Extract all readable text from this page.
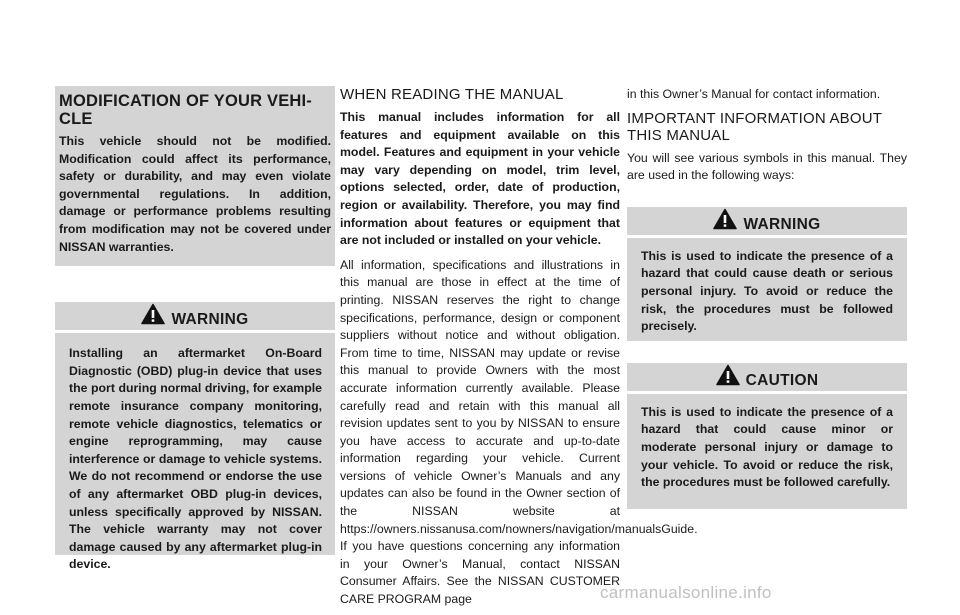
MODIFICATION OF YOUR VEHI- CLE

This vehicle should not be modified. Modification could affect its performance, safety or durability, and may even violate governmental regulations. In addition, damage or performance problems resulting from modification may not be covered under NISSAN warranties.

WARNING

Installing an aftermarket On-Board Diagnostic (OBD) plug-in device that uses the port during normal driving, for example remote insurance company monitoring, remote vehicle diagnostics, telematics or engine reprogramming, may cause interference or damage to vehicle systems. We do not recommend or endorse the use of any aftermarket OBD plug-in devices, unless specifically approved by NISSAN. The vehicle warranty may not cover damage caused by any aftermarket plug-in device.

WHEN READING THE MANUAL

This manual includes information for all features and equipment available on this model. Features and equipment in your vehicle may vary depending on model, trim level, options selected, order, date of production, region or availability. Therefore, you may find information about features or equipment that are not included or installed on your vehicle.

All information, specifications and illustrations in this manual are those in effect at the time of printing. NISSAN reserves the right to change specifications, performance, design or component suppliers without notice and without obligation. From time to time, NISSAN may update or revise this manual to provide Owners with the most accurate information currently available. Please carefully read and retain with this manual all revision updates sent to you by NISSAN to ensure you have access to accurate and up-to-date information regarding your vehicle. Current versions of vehicle Owner’s Manuals and any updates can also be found in the Owner section of the NISSAN website at https://owners.nissanusa.com/nowners/navigation/manualsGuide. If you have questions concerning any information in your Owner’s Manual, contact NISSAN Consumer Affairs. See the NISSAN CUSTOMER CARE PROGRAM page

in this Owner’s Manual for contact information.

IMPORTANT INFORMATION ABOUT THIS MANUAL

You will see various symbols in this manual. They are used in the following ways:

WARNING

This is used to indicate the presence of a hazard that could cause death or serious personal injury. To avoid or reduce the risk, the procedures must be followed precisely.

CAUTION

This is used to indicate the presence of a hazard that could cause minor or moderate personal injury or damage to your vehicle. To avoid or reduce the risk, the procedures must be followed carefully.

carmanualsonline.info
